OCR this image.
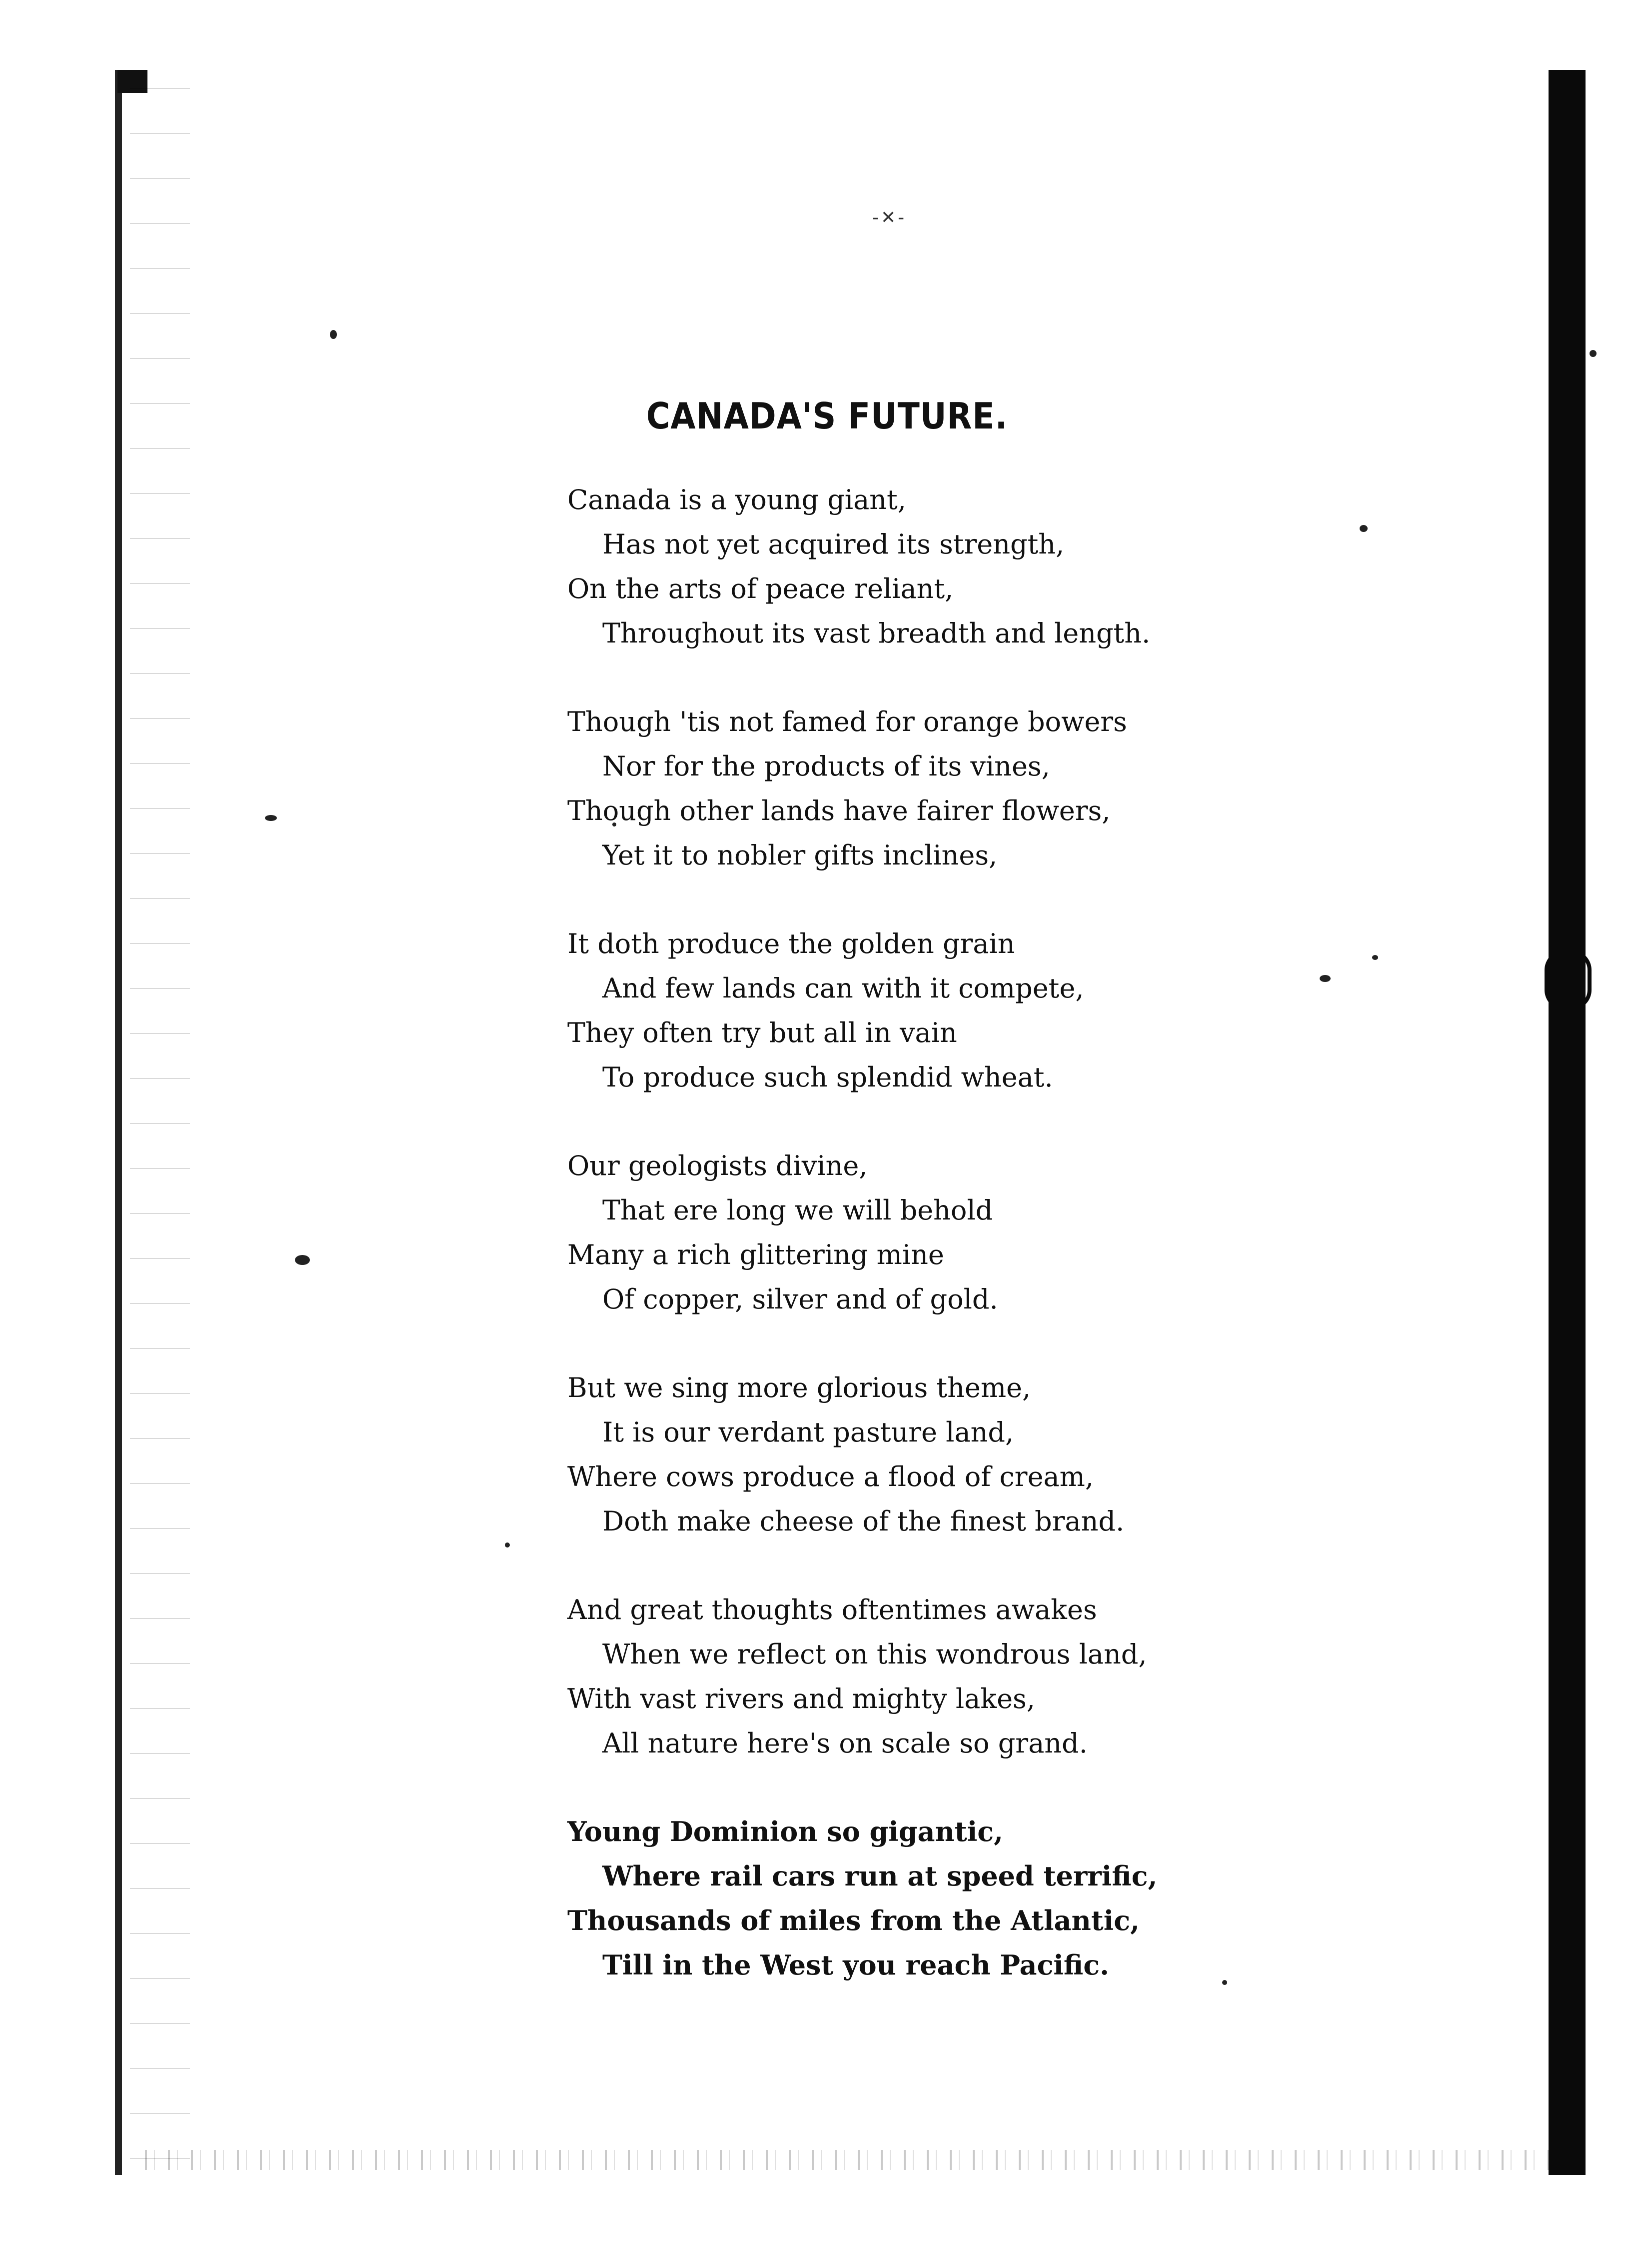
-✕-
CANADA'S FUTURE.
Canada is a young giant,
Has not yet acquired its strength,
On the arts of peace reliant,
Throughout its vast breadth and length.
Though 'tis not famed for orange bowers
Nor for the products of its vines,
Though other lands have fairer flowers,
Yet it to nobler gifts inclines,
It doth produce the golden grain
And few lands can with it compete,
They often try but all in vain
To produce such splendid wheat.
Our geologists divine,
That ere long we will behold
Many a rich glittering mine
Of copper, silver and of gold.
But we sing more glorious theme,
It is our verdant pasture land,
Where cows produce a flood of cream,
Doth make cheese of the finest brand.
And great thoughts oftentimes awakes
When we reflect on this wondrous land,
With vast rivers and mighty lakes,
All nature here's on scale so grand.
Young Dominion so gigantic,
Where rail cars run at speed terrific,
Thousands of miles from the Atlantic,
Till in the West you reach Pacific.
